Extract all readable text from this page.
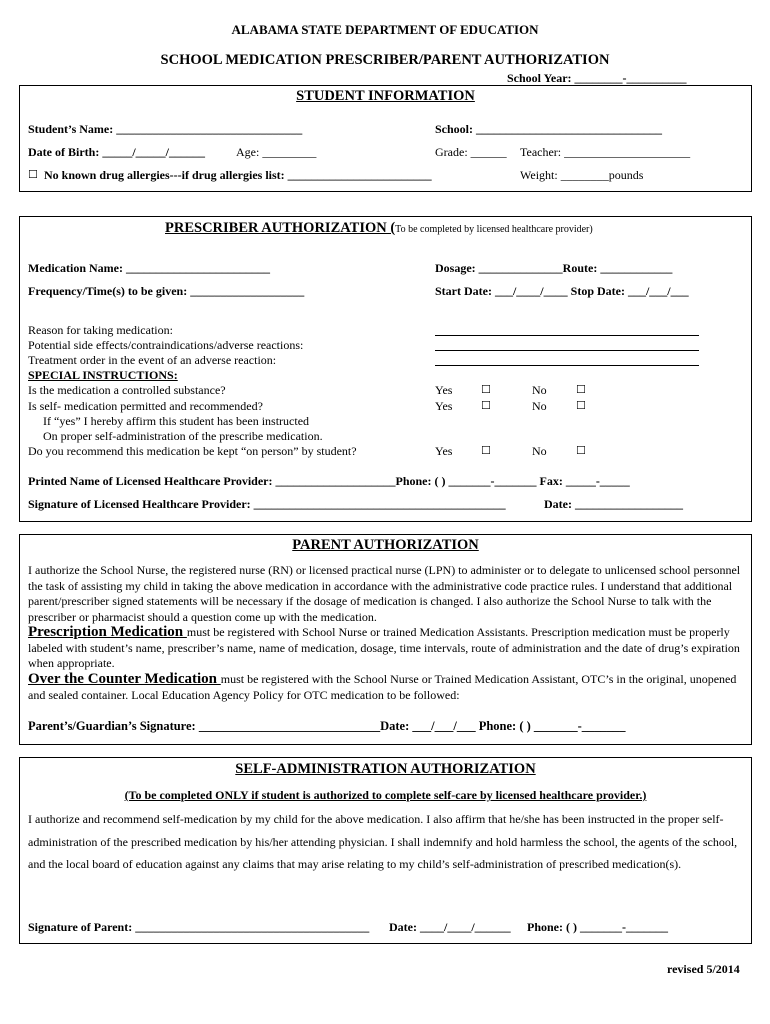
ALABAMA STATE DEPARTMENT OF EDUCATION
SCHOOL MEDICATION PRESCRIBER/PARENT AUTHORIZATION
School Year: ________-__________
STUDENT INFORMATION
Student’s Name: _______________________________	School: _______________________________
Date of Birth: _____/_____/______	Age: _________	Grade: ______ Teacher: _____________________
☐ No known drug allergies---if drug allergies list: ________________________	Weight: ________pounds
PRESCRIBER AUTHORIZATION (To be completed by licensed healthcare provider)
Medication Name: ________________________	Dosage: ______________Route: ____________
Frequency/Time(s) to be given: ___________________	Start Date: ___/____/____ Stop Date: ___/___/___
Reason for taking medication:
Potential side effects/contraindications/adverse reactions:
Treatment order in the event of an adverse reaction:
SPECIAL INSTRUCTIONS:
Is the medication a controlled substance?	Yes	☐	No	☐
Is self- medication permitted and recommended?	Yes	☐	No	☐
If “yes” I hereby affirm this student has been instructed
On proper self-administration of the prescribe medication.
Do you recommend this medication be kept “on person” by student?	Yes	☐	No	☐
Printed Name of Licensed Healthcare Provider: ____________________Phone: ( ) _______-_______ Fax: _____-_____
Signature of Licensed Healthcare Provider: __________________________________________	Date: __________________
PARENT AUTHORIZATION
I authorize the School Nurse, the registered nurse (RN) or licensed practical nurse (LPN) to administer or to delegate to unlicensed school personnel the task of assisting my child in taking the above medication in accordance with the administrative code practice rules. I understand that additional parent/prescriber signed statements will be necessary if the dosage of medication is changed. I also authorize the School Nurse to talk with the prescriber or pharmacist should a question come up with the medication.
Prescription Medication must be registered with School Nurse or trained Medication Assistants. Prescription medication must be properly labeled with student’s name, prescriber’s name, name of medication, dosage, time intervals, route of administration and the date of drug’s expiration when appropriate.
Over the Counter Medication must be registered with the School Nurse or Trained Medication Assistant, OTC’s in the original, unopened and sealed container. Local Education Agency Policy for OTC medication to be followed:
Parent’s/Guardian’s Signature: _____________________________Date: ___/___/___ Phone: ( ) _______-_______
SELF-ADMINISTRATION AUTHORIZATION
(To be completed ONLY if student is authorized to complete self-care by licensed healthcare provider.)
I authorize and recommend self-medication by my child for the above medication. I also affirm that he/she has been instructed in the proper self-administration of the prescribed medication by his/her attending physician. I shall indemnify and hold harmless the school, the agents of the school, and the local board of education against any claims that may arise relating to my child’s self-administration of prescribed medication(s).
Signature of Parent: _______________________________________ Date: ____/____/______ Phone: ( ) _______-_______
revised 5/2014
